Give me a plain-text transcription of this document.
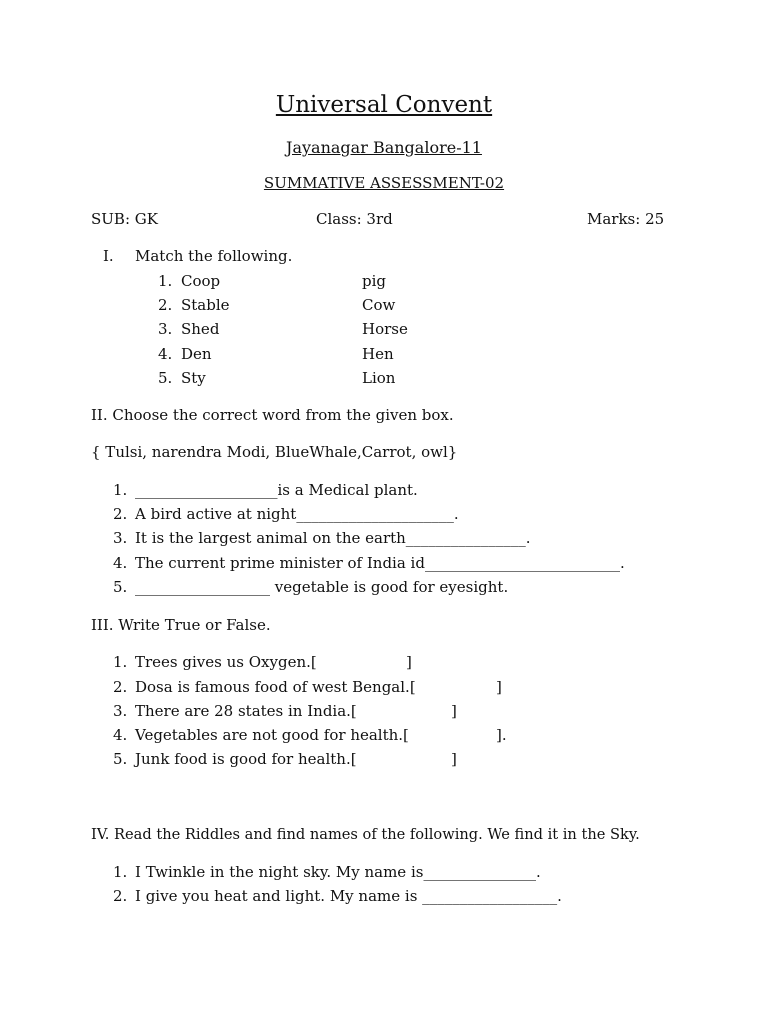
Universal Convent
Jayanagar Bangalore-11
SUMMATIVE ASSESSMENT-02
SUB: GK	Class: 3rd	Marks: 25
I. Match the following.
1. Coop	pig
2. Stable	Cow
3. Shed	Horse
4. Den	Hen
5. Sty	Lion
II. Choose the correct word from the given box.
{ Tulsi, narendra Modi, BlueWhale,Carrot, owl}
1. ___________________is a Medical plant.
2. A bird active at night_____________________.
3. It is the largest animal on the earth________________.
4. The current prime minister of India id__________________________.
5. __________________ vegetable is good for eyesight.
III. Write True or False.
1. Trees gives us Oxygen.[	]
2. Dosa is famous food of west Bengal.[	]
3. There are 28 states in India.[	]
4. Vegetables are not good for health.[	].
5. Junk food is good for health.[	]
IV. Read the Riddles and find names of the following. We find it in the Sky.
1. I Twinkle in the night sky. My name is_______________.
2. I give you heat and light. My name is __________________.
